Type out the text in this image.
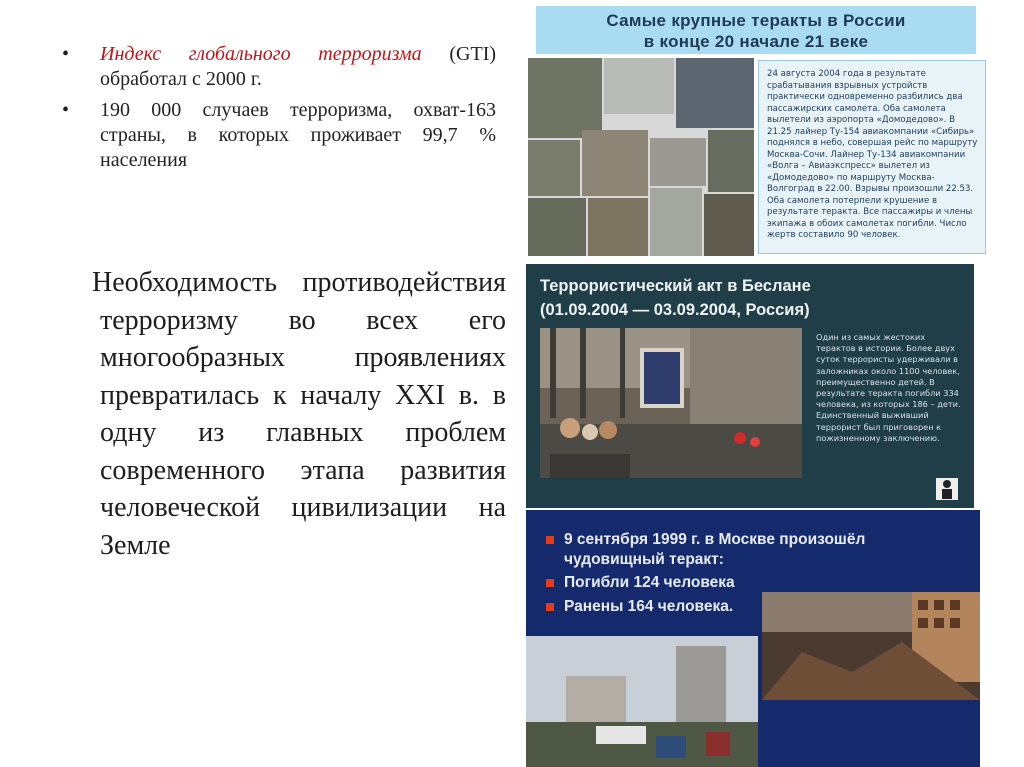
• Индекс глобального терроризма (GTI) обработал с 2000 г.
• 190 000 случаев терроризма, охват-163 страны, в которых проживает 99,7 % населения
Необходимость противодействия терроризму во всех его многообразных проявлениях превратилась к началу XXI в. в одну из главных проблем современного этапа развития человеческой цивилизации на Земле
Самые крупные теракты в России
в конце 20 начале 21 веке
24 августа 2004 года в результате срабатывания взрывных устройств практически одновременно разбились два пассажирских самолета. Оба самолета вылетели из аэропорта «Домодедово». В 21.25 лайнер Ту-154 авиакомпании «Сибирь» поднялся в небо, совершая рейс по маршруту Москва-Сочи. Лайнер Ту-134 авиакомпании «Волга – Авиаэкспресс» вылетел из «Домодедово» по маршруту Москва-Волгоград в 22.00. Взрывы произошли 22.53. Оба самолета потерпели крушение в результате теракта. Все пассажиры и члены экипажа в обоих самолетах погибли. Число жертв составило 90 человек.
Террористический акт в Беслане
(01.09.2004 — 03.09.2004, Россия)
Один из самых жестоких терактов в истории. Более двух суток террористы удерживали в заложниках около 1100 человек, преимущественно детей. В результате теракта погибли 334 человека, из которых 186 – дети. Единственный выживший террорист был приговорен к пожизненному заключению.
9 сентября 1999 г. в Москве произошёл чудовищный теракт:
Погибли 124 человека
Ранены 164 человека.
